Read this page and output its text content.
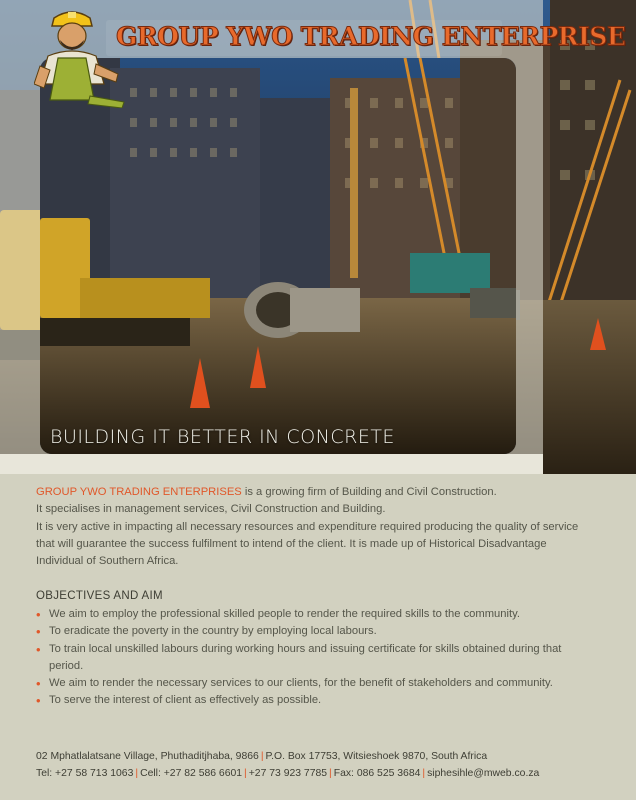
GROUP YWO TRADING ENTERPRISE
BUILDING IT BETTER IN CONCRETE

GROUP YWO TRADING ENTERPRISES is a growing firm of Building and Civil Construction.

It specialises in management services, Civil Construction and Building.

It is very active in impacting all necessary resources and expenditure required producing the quality of service that will guarantee the success fulfilment to intend of the client. It is made up of Historical Disadvantage Individual of Southern Africa.

OBJECTIVES AND AIM
• We aim to employ the professional skilled people to render the required skills to the community.
• To eradicate the poverty in the country by employing local labours.
• To train local unskilled labours during working hours and issuing certificate for skills obtained during that period.
• We aim to render the necessary services to our clients, for the benefit of stakeholders and community.
• To serve the interest of client as effectively as possible.
02 Mphatlalatsane Village, Phuthaditjhaba, 9866 | P.O. Box 17753, Witsieshoek 9870, South Africa
Tel: +27 58 713 1063 | Cell: +27 82 586 6601 | +27 73 923 7785 | Fax: 086 525 3684 | siphesihle@mweb.co.za
